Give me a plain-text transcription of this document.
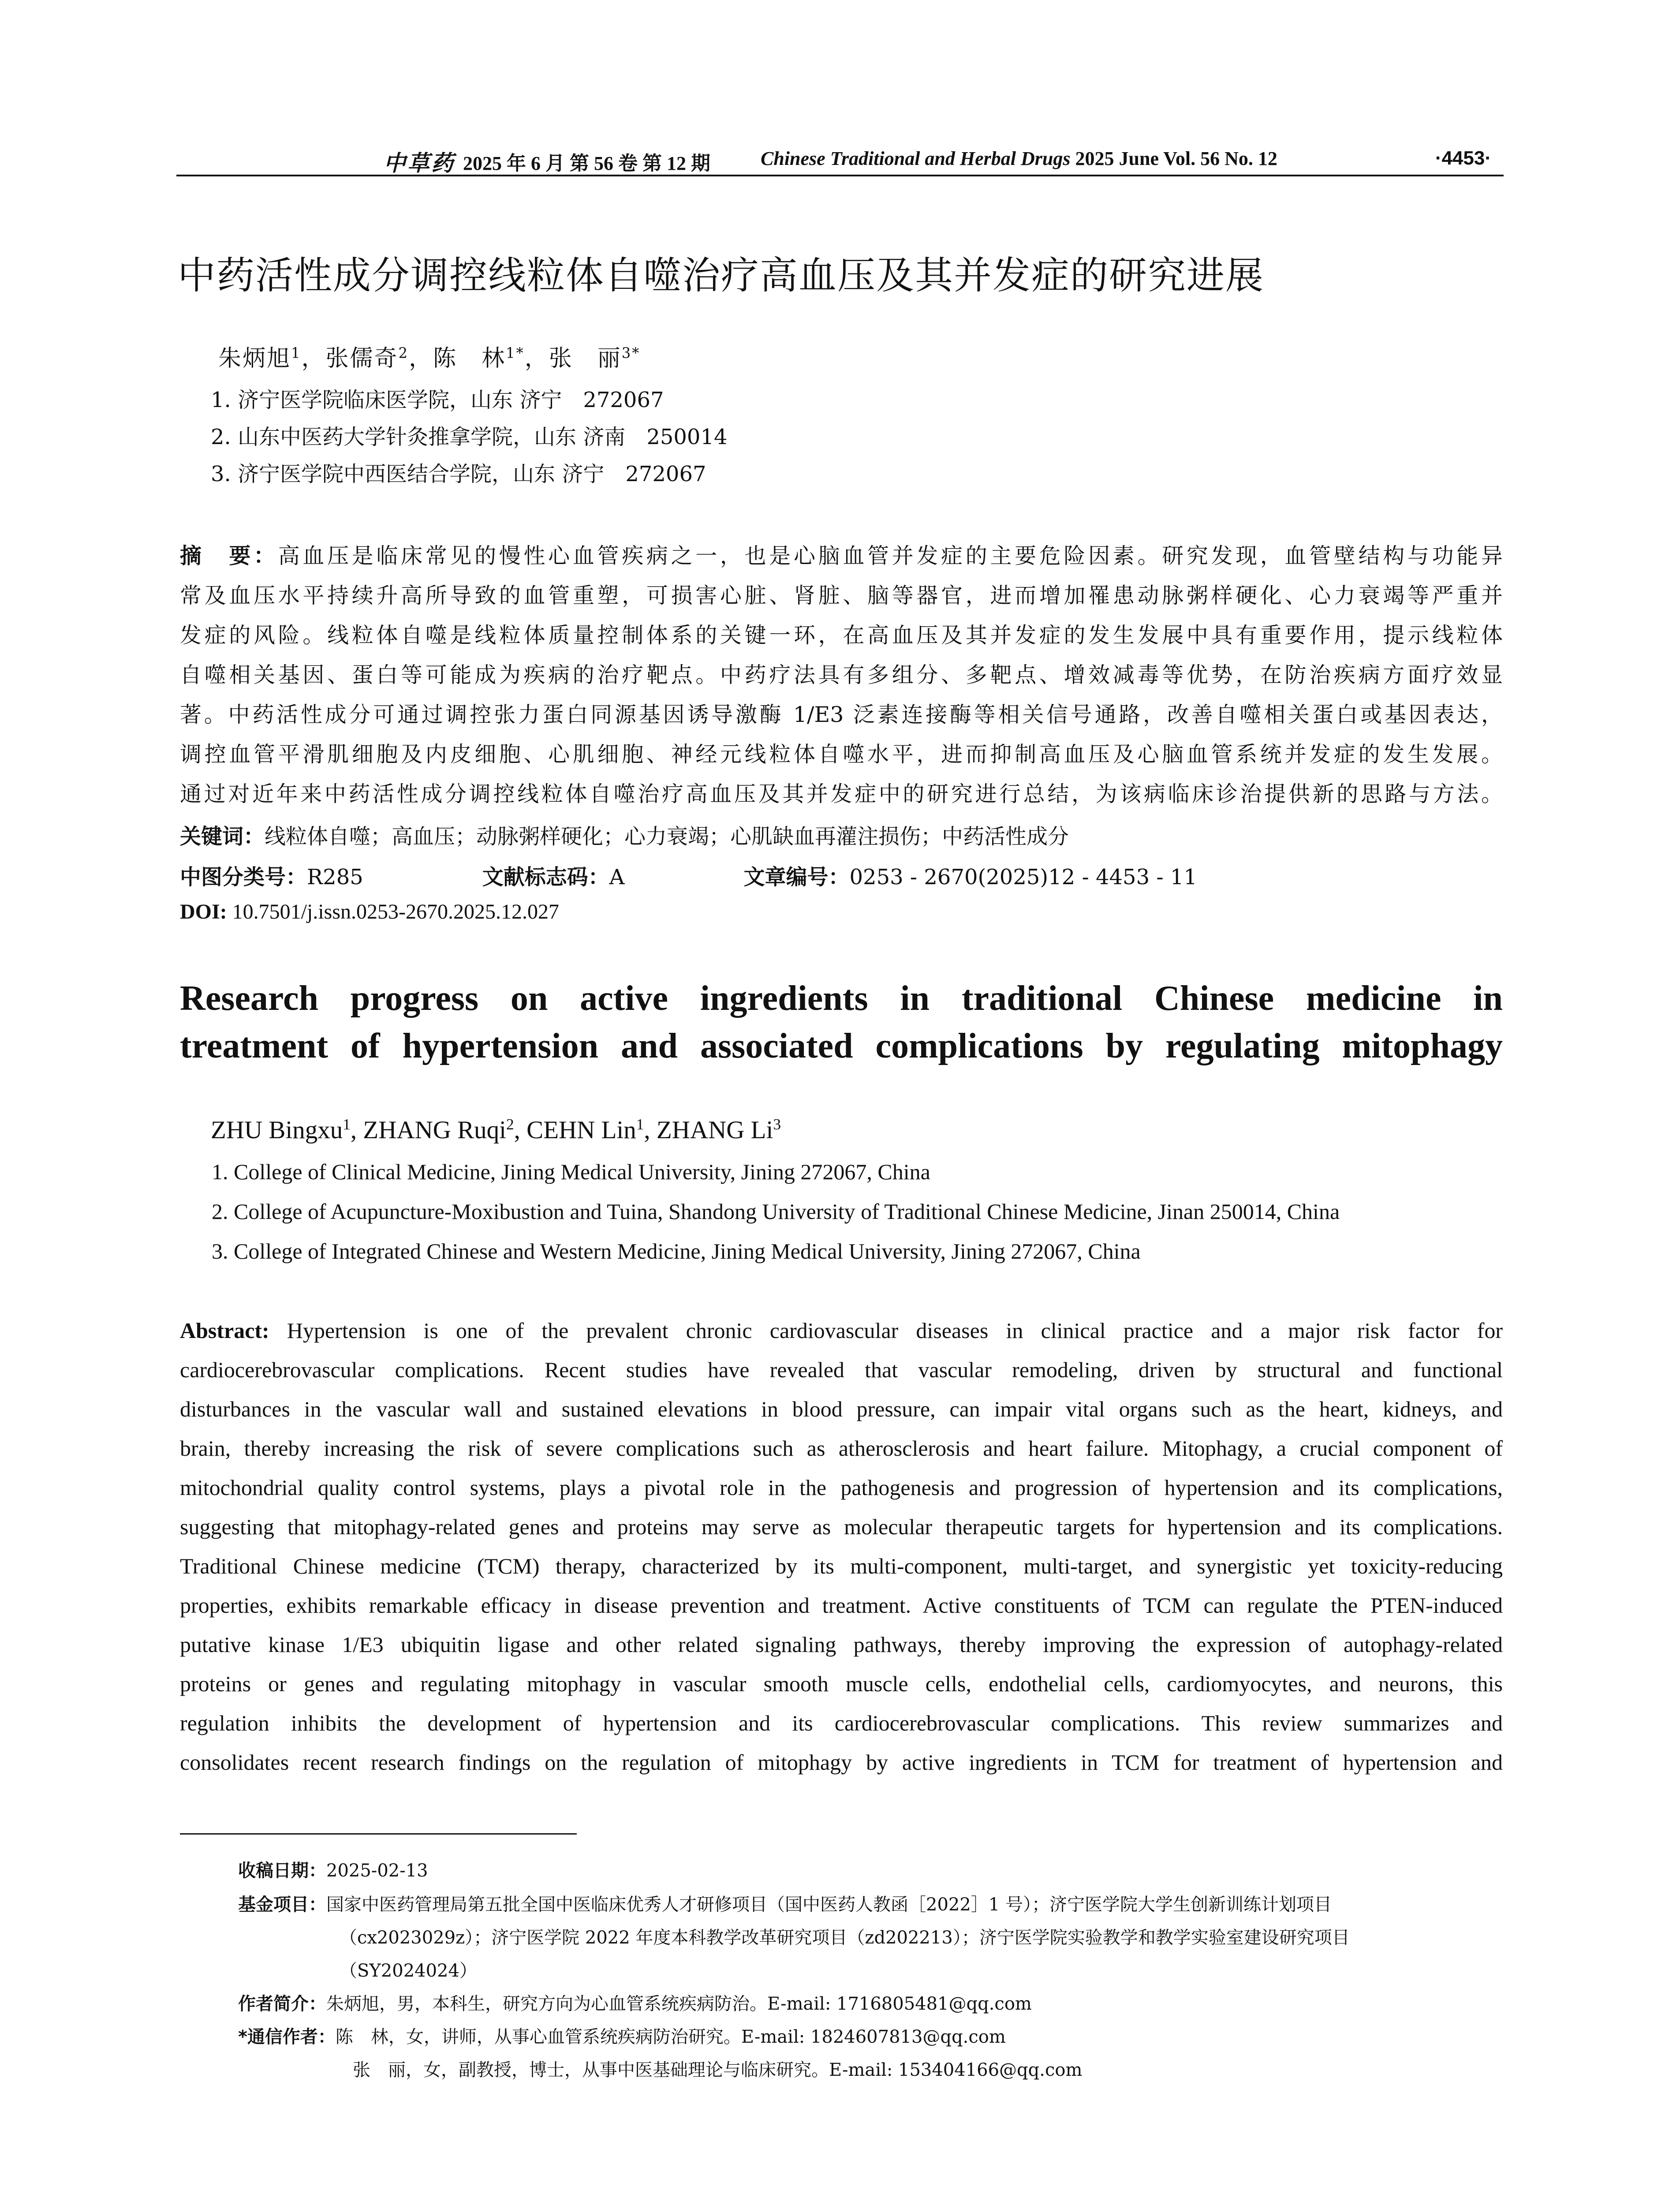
中草药 2025 年 6 月 第 56 卷 第 12 期	Chinese Traditional and Herbal Drugs 2025 June Vol. 56 No. 12	·4453·
中药活性成分调控线粒体自噬治疗高血压及其并发症的研究进展
朱炳旭$^1$，张儒奇$^2$，陈　林$^{1*}$，张　丽$^{3*}$
1. 济宁医学院临床医学院，山东 济宁　272067
2. 山东中医药大学针灸推拿学院，山东 济南　250014
3. 济宁医学院中西医结合学院，山东 济宁　272067
摘　要：高血压是临床常见的慢性心血管疾病之一，也是心脑血管并发症的主要危险因素。研究发现，血管壁结构与功能异
常及血压水平持续升高所导致的血管重塑，可损害心脏、肾脏、脑等器官，进而增加罹患动脉粥样硬化、心力衰竭等严重并
发症的风险。线粒体自噬是线粒体质量控制体系的关键一环，在高血压及其并发症的发生发展中具有重要作用，提示线粒体
自噬相关基因、蛋白等可能成为疾病的治疗靶点。中药疗法具有多组分、多靶点、增效减毒等优势，在防治疾病方面疗效显
著。中药活性成分可通过调控张力蛋白同源基因诱导激酶 1/E3 泛素连接酶等相关信号通路，改善自噬相关蛋白或基因表达，
调控血管平滑肌细胞及内皮细胞、心肌细胞、神经元线粒体自噬水平，进而抑制高血压及心脑血管系统并发症的发生发展。
通过对近年来中药活性成分调控线粒体自噬治疗高血压及其并发症中的研究进行总结，为该病临床诊治提供新的思路与方法。
关键词：线粒体自噬；高血压；动脉粥样硬化；心力衰竭；心肌缺血再灌注损伤；中药活性成分
中图分类号：R285	文献标志码：A	文章编号：0253 - 2670(2025)12 - 4453 - 11
DOI: 10.7501/j.issn.0253-2670.2025.12.027
Research progress on active ingredients in traditional Chinese medicine in
treatment of hypertension and associated complications by regulating mitophagy
ZHU Bingxu$^1$, ZHANG Ruqi$^2$, CEHN Lin$^1$, ZHANG Li$^3$
1. College of Clinical Medicine, Jining Medical University, Jining 272067, China
2. College of Acupuncture-Moxibustion and Tuina, Shandong University of Traditional Chinese Medicine, Jinan 250014, China
3. College of Integrated Chinese and Western Medicine, Jining Medical University, Jining 272067, China
Abstract: Hypertension is one of the prevalent chronic cardiovascular diseases in clinical practice and a major risk factor for
cardiocerebrovascular complications. Recent studies have revealed that vascular remodeling, driven by structural and functional
disturbances in the vascular wall and sustained elevations in blood pressure, can impair vital organs such as the heart, kidneys, and
brain, thereby increasing the risk of severe complications such as atherosclerosis and heart failure. Mitophagy, a crucial component of
mitochondrial quality control systems, plays a pivotal role in the pathogenesis and progression of hypertension and its complications,
suggesting that mitophagy-related genes and proteins may serve as molecular therapeutic targets for hypertension and its complications.
Traditional Chinese medicine (TCM) therapy, characterized by its multi-component, multi-target, and synergistic yet toxicity-reducing
properties, exhibits remarkable efficacy in disease prevention and treatment. Active constituents of TCM can regulate the PTEN-induced
putative kinase 1/E3 ubiquitin ligase and other related signaling pathways, thereby improving the expression of autophagy-related
proteins or genes and regulating mitophagy in vascular smooth muscle cells, endothelial cells, cardiomyocytes, and neurons, this
regulation inhibits the development of hypertension and its cardiocerebrovascular complications. This review summarizes and
consolidates recent research findings on the regulation of mitophagy by active ingredients in TCM for treatment of hypertension and
收稿日期：2025-02-13
基金项目：国家中医药管理局第五批全国中医临床优秀人才研修项目（国中医药人教函［2022］1 号）；济宁医学院大学生创新训练计划项目
（cx2023029z）；济宁医学院 2022 年度本科教学改革研究项目（zd202213）；济宁医学院实验教学和教学实验室建设研究项目
（SY2024024）
作者简介：朱炳旭，男，本科生，研究方向为心血管系统疾病防治。E-mail: 1716805481@qq.com
*通信作者：陈　林，女，讲师，从事心血管系统疾病防治研究。E-mail: 1824607813@qq.com
张　丽，女，副教授，博士，从事中医基础理论与临床研究。E-mail: 153404166@qq.com
